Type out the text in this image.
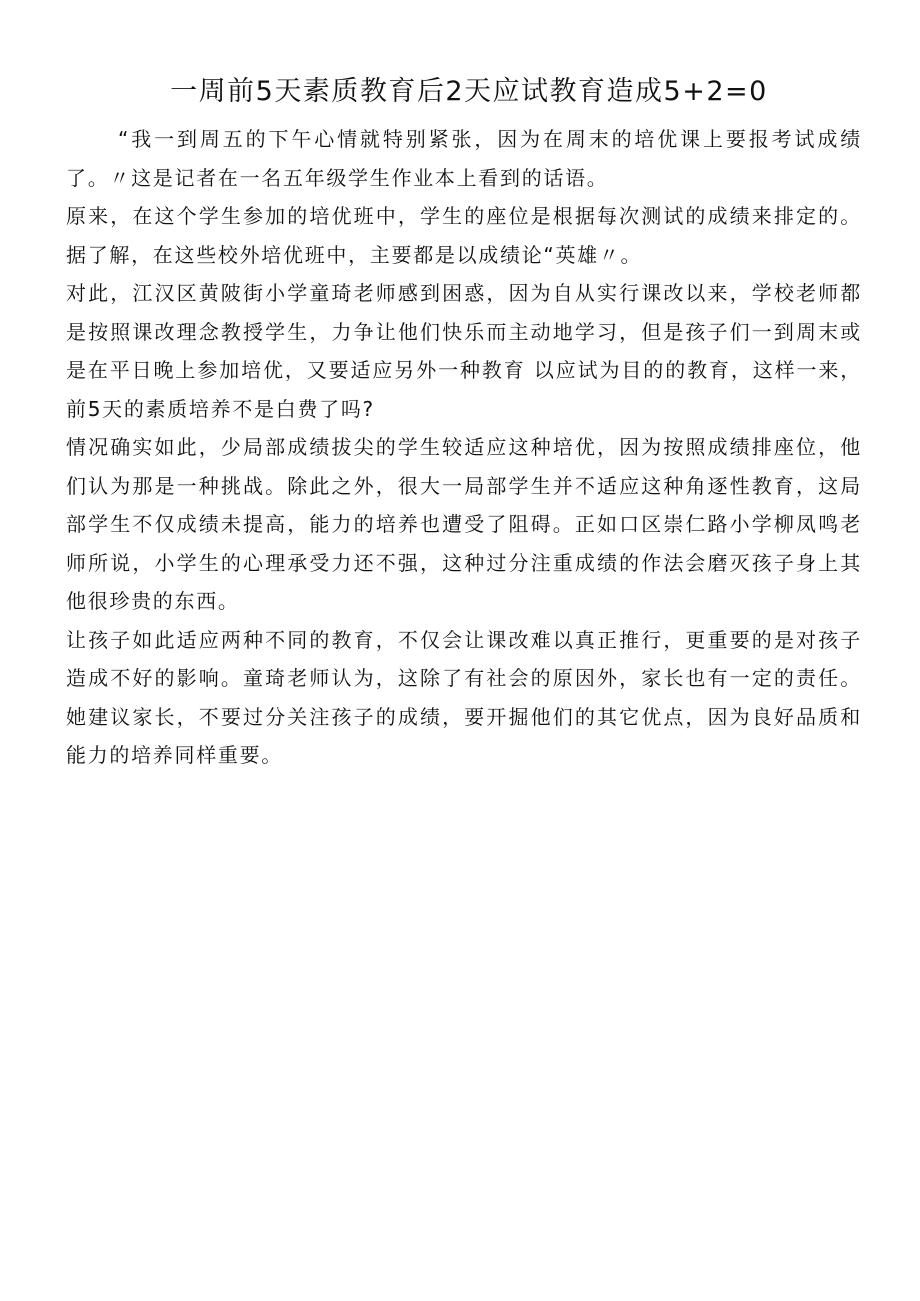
一周前5天素质教育后2天应试教育造成5+2=0

“我一到周五的下午心情就特别紧张，因为在周末的培优课上要报考试成绩了。〃这是记者在一名五年级学生作业本上看到的话语。

原来，在这个学生参加的培优班中，学生的座位是根据每次测试的成绩来排定的。据了解，在这些校外培优班中，主要都是以成绩论“英雄〃。

对此，江汉区黄陂街小学童琦老师感到困惑，因为自从实行课改以来，学校老师都是按照课改理念教授学生，力争让他们快乐而主动地学习，但是孩子们一到周末或是在平日晚上参加培优，又要适应另外一种教育 以应试为目的的教育，这样一来，前5天的素质培养不是白费了吗?

情况确实如此，少局部成绩拔尖的学生较适应这种培优，因为按照成绩排座位，他们认为那是一种挑战。除此之外，很大一局部学生并不适应这种角逐性教育，这局部学生不仅成绩未提高，能力的培养也遭受了阻碍。正如口区崇仁路小学柳凤鸣老师所说，小学生的心理承受力还不强，这种过分注重成绩的作法会磨灭孩子身上其他很珍贵的东西。

让孩子如此适应两种不同的教育，不仅会让课改难以真正推行，更重要的是对孩子造成不好的影响。童琦老师认为，这除了有社会的原因外，家长也有一定的责任。她建议家长，不要过分关注孩子的成绩，要开掘他们的其它优点，因为良好品质和能力的培养同样重要。
